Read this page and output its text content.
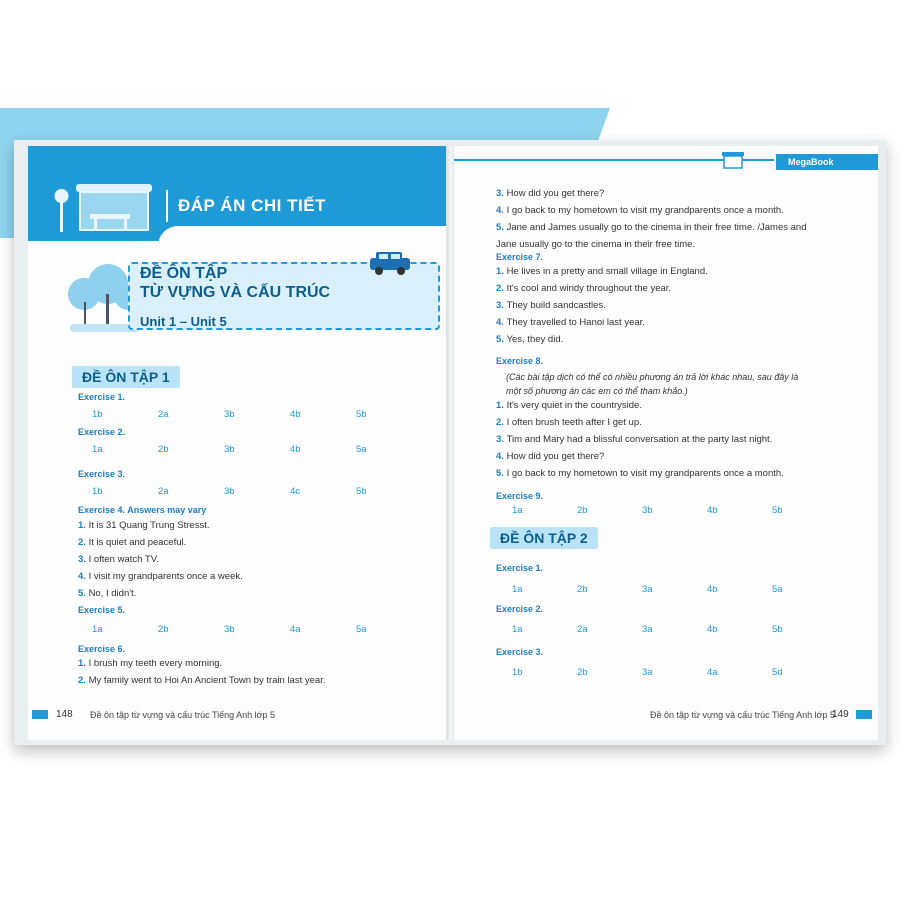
ĐÁP ÁN CHI TIẾT
ĐỀ ÔN TẬP
TỪ VỰNG VÀ CẤU TRÚC
Unit 1 – Unit 5
ĐỀ ÔN TẬP 1
Exercise 1.
1b	2a	3b	4b	5b
Exercise 2.
1a	2b	3b	4b	5a
Exercise 3.
1b	2a	3b	4c	5b
Exercise 4. Answers may vary
1. It is 31 Quang Trung Stresst.
2. It is quiet and peaceful.
3. I often watch TV.
4. I visit my grandparents once a week.
5. No, I didn't.
Exercise 5.
1a	2b	3b	4a	5a
Exercise 6.
1. I brush my teeth every morning.
2. My family went to Hoi An Ancient Town by train last year.
148 Đề ôn tập từ vựng và cấu trúc Tiếng Anh lớp 5
MegaBook
3. How did you get there?
4. I go back to my hometown to visit my grandparents once a month.
5. Jane and James usually go to the cinema in their free time. /James and
Jane usually go to the cinema in their free time.
Exercise 7.
1. He lives in a pretty and small village in England.
2. It's cool and windy throughout the year.
3. They build sandcastles.
4. They travelled to Hanoi last year.
5. Yes, they did.
Exercise 8.
(Các bài tập dịch có thể có nhiều phương án trả lời khác nhau, sau đây là
một số phương án các em có thể tham khảo.)
1. It's very quiet in the countryside.
2. I often brush teeth after I get up.
3. Tim and Mary had a blissful conversation at the party last night.
4. How did you get there?
5. I go back to my hometown to visit my grandparents once a month.
Exercise 9.
1a	2b	3b	4b	5b
ĐỀ ÔN TẬP 2
Exercise 1.
1a	2b	3a	4b	5a
Exercise 2.
1a	2a	3a	4b	5b
Exercise 3.
1b	2b	3a	4a	5d
Đề ôn tập từ vựng và cấu trúc Tiếng Anh lớp 5
149
